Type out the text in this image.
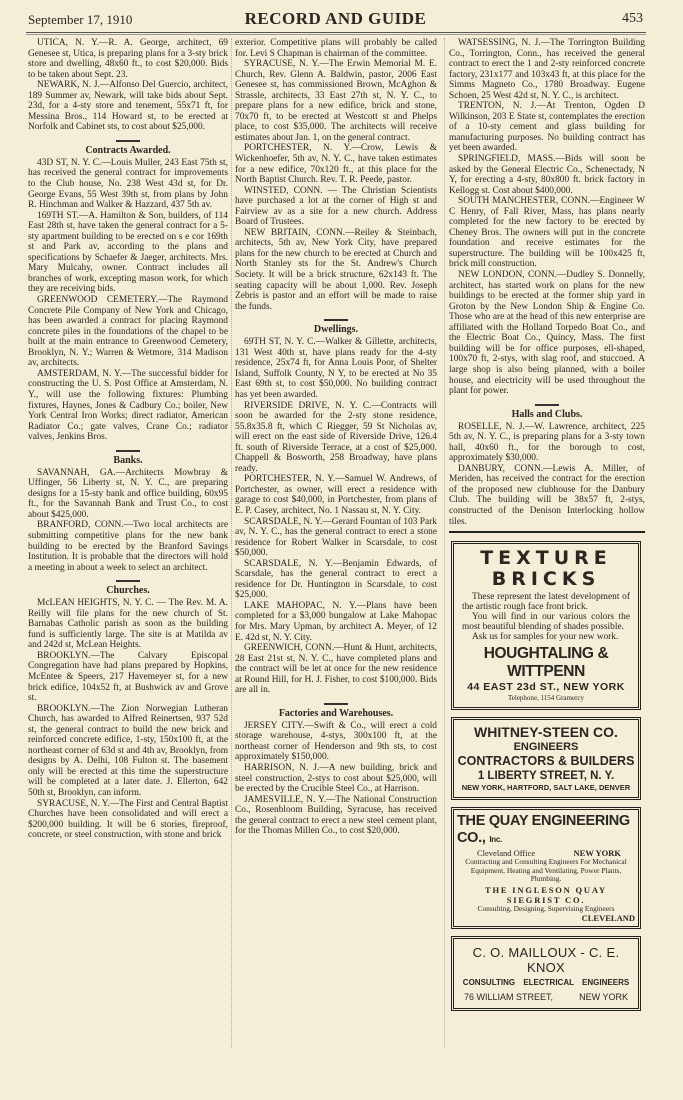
September 17, 1910	RECORD AND GUIDE	453

UTICA, N. Y.—R. A. George, architect, 69 Genesee st, Utica, is preparing plans for a 3-sty brick store and dwelling, 48x60 ft., to cost $20,000. Bids to be taken about Sept. 23.

NEWARK, N. J.—Alfonso Del Guercio, architect, 189 Summer av, Newark, will take bids about Sept. 23d, for a 4-sty store and tenement, 55x71 ft, for Messina Bros., 114 Howard st, to be erected at Norfolk and Cabinet sts, to cost about $25,000.

Contracts Awarded.

43D ST, N. Y. C.—Louis Muller, 243 East 75th st, has received the general contract for improvements to the Club house, No. 238 West 43d st, for Dr. George Evans, 55 West 39th st, from plans by John R. Hinchman and Walker & Hazzard, 437 5th av.

169TH ST.—A. Hamilton & Son, builders, of 114 East 28th st, have taken the general contract for a 5-sty apartment building to be erected on s e cor 169th st and Park av, according to the plans and specifications by Schaefer & Jaeger, architects. Mrs. Mary Mulcahy, owner. Contract includes all branches of work, excepting mason work, for which they are receiving bids.

GREENWOOD CEMETERY.—The Raymond Concrete Pile Company of New York and Chicago, has been awarded a contract for placing Raymond concrete piles in the foundations of the chapel to be built at the main entrance to Greenwood Cemetery, Brooklyn, N. Y.; Warren & Wetmore, 314 Madison av, architects.

AMSTERDAM, N. Y.—The successful bidder for constructing the U. S. Post Office at Amsterdam, N. Y., will use the following fixtures: Plumbing fixtures, Haynes, Jones & Cadbury Co.; boiler, New York Central Iron Works; direct radiator, American Radiator Co.; gate valves, Crane Co.; radiator valves, Jenkins Bros.

Banks.

SAVANNAH, GA.—Architects Mowbray & Uffinger, 56 Liberty st, N. Y. C., are preparing designs for a 15-sty bank and office building, 60x95 ft., for the Savannah Bank and Trust Co., to cost about $425,000.

BRANFORD, CONN.—Two local architects are submitting competitive plans for the new bank building to be erected by the Branford Savings Institution. It is probable that the directors will hold a meeting in about a week to select an architect.

Churches.

McLEAN HEIGHTS, N. Y. C. — The Rev. M. A. Reilly will file plans for the new church of St. Barnabas Catholic parish as soon as the building fund is sufficiently large. The site is at Matilda av and 242d st, McLean Heights.

BROOKLYN.—The Calvary Episcopal Congregation have had plans prepared by Hopkins, McEntee & Speers, 217 Havemeyer st, for a new brick edifice, 104x52 ft, at Bushwick av and Grove st.

BROOKLYN.—The Zion Norwegian Lutheran Church, has awarded to Alfred Reinertsen, 937 52d st, the general contract to build the new brick and reinforced concrete edifice, 1-sty, 150x100 ft, at the northeast corner of 63d st and 4th av, Brooklyn, from designs by A. Delhi, 108 Fulton st. The basement only will be erected at this time the superstructure will be completed at a later date. J. Ellerton, 642 50th st, Brooklyn, can inform.

SYRACUSE, N. Y.—The First and Central Baptist Churches have been consolidated and will erect a $200,000 building. It will be 6 stories, fireproof, concrete, or steel construction, with stone and brick

exterior. Competitive plans will probably be called for. Levi S Chapman is chairman of the committee.

SYRACUSE, N. Y.—The Erwin Memorial M. E. Church, Rev. Glenn A. Baldwin, pastor, 2006 East Genesee st, has commissioned Brown, McAghon & Strassle, architects, 33 East 27th st, N. Y. C., to prepare plans for a new edifice, brick and stone, 70x70 ft, to be erected at Westcott st and Phelps place, to cost $35,000. The architects will receive estimates about Jan. 1, on the general contract.

PORTCHESTER, N. Y.—Crow, Lewis & Wickenhoefer, 5th av, N. Y. C., have taken estimates for a new edifice, 70x120 ft., at this place for the North Baptist Church. Rev. T. R. Peede, pastor.

WINSTED, CONN. — The Christian Scientists have purchased a lot at the corner of High st and Fairview av as a site for a new church. Address Board of Trustees.

NEW BRITAIN, CONN.—Reiley & Steinbach, architects, 5th av, New York City, have prepared plans for the new church to be erected at Church and North Stanley sts for the St. Andrew's Church Society. It will be a brick structure, 62x143 ft. The seating capacity will be about 1,000. Rev. Joseph Zebris is pastor and an effort will be made to raise the funds.

Dwellings.

69TH ST, N. Y. C.—Walker & Gillette, architects, 131 West 40th st, have plans ready for the 4-sty residence, 25x74 ft, for Anna Louis Poor, of Shelter Island, Suffolk County, N Y, to be erected at No 35 East 69th st, to cost $50,000. No building contract has yet been awarded.

RIVERSIDE DRIVE, N. Y. C.—Contracts will soon be awarded for the 2-sty stone residence, 55.8x35.8 ft, which C Riegger, 59 St Nicholas av, will erect on the east side of Riverside Drive, 126.4 ft. south of Riverside Terrace, at a cost of $25,000. Chappell & Bosworth, 258 Broadway, have plans ready.

PORTCHESTER, N. Y.—Samuel W. Andrews, of Portchester, as owner, will erect a residence with garage to cost $40,000, in Portchester, from plans of E. P. Casey, architect, No. 1 Nassau st, N. Y. City.

SCARSDALE, N. Y.—Gerard Fountan of 103 Park av, N. Y. C., has the general contract to erect a stone residence for Robert Walker in Scarsdale, to cost $50,000.

SCARSDALE, N. Y.—Benjamin Edwards, of Scarsdale, has the general contract to erect a residence for Dr. Huntington in Scarsdale, to cost $25,000.

LAKE MAHOPAC, N. Y.—Plans have been completed for a $3,000 bungalow at Lake Mahopac for Mrs. Mary Upman, by architect A. Meyer, of 12 E. 42d st, N. Y. City.

GREENWICH, CONN.—Hunt & Hunt, architects, 28 East 21st st, N. Y. C., have completed plans and the contract will be let at once for the new residence at Round Hill, for H. J. Fisher, to cost $100,000. Bids are all in.

Factories and Warehouses.

JERSEY CITY.—Swift & Co., will erect a cold storage warehouse, 4-stys, 300x100 ft, at the northeast corner of Henderson and 9th sts, to cost approximately $150,000.

HARRISON, N. J.—A new building, brick and steel construction, 2-stys to cost about $25,000, will be erected by the Crucible Steel Co., at Harrison.

JAMESVILLE, N. Y.—The National Construction Co., Rosenbloom Building, Syracuse, has received the general contract to erect a new steel cement plant, for the Thomas Millen Co., to cost $20,000.

WATSESSING, N. J.—The Torrington Building Co., Torrington, Conn., has received the general contract to erect the 1 and 2-sty reinforced concrete factory, 231x177 and 103x43 ft, at this place for the Simms Magneto Co., 1780 Broadway. Eugene Schoen, 25 West 42d st, N. Y. C., is architect.

TRENTON, N. J.—At Trenton, Ogden D Wilkinson, 203 E State st, contemplates the erection of a 10-sty cement and glass building for manufacturing purposes. No building contract has yet been awarded.

SPRINGFIELD, MASS.—Bids will soon be asked by the General Electric Co., Schenectady, N Y, for erecting a 4-sty, 80x800 ft. brick factory in Kellogg st. Cost about $400,000.

SOUTH MANCHESTER, CONN.—Engineer W C Henry, of Fall River, Mass, has plans nearly completed for the new factory to be erected by Cheney Bros. The owners will put in the concrete foundation and receive estimates for the superstructure. The building will be 100x425 ft, brick mill construction.

NEW LONDON, CONN.—Dudley S. Donnelly, architect, has started work on plans for the new buildings to be erected at the former ship yard in Groton by the New London Ship & Engine Co. Those who are at the head of this new enterprise are affiliated with the Holland Torpedo Boat Co., and the Electric Boat Co., Quincy, Mass. The first building will be for office purposes, ell-shaped, 100x70 ft, 2-stys, with slag roof, and stuccoed. A large shop is also being planned, with a boiler house, and electricity will be used throughout the plant for power.

Halls and Clubs.

ROSELLE, N. J.—W. Lawrence, architect, 225 5th av, N. Y. C., is preparing plans for a 3-sty town hall, 40x60 ft., for the borough to cost, approximately $30,000.

DANBURY, CONN.—Lewis A. Miller, of Meriden, has received the contract for the erection of the proposed new clubhouse for the Danbury Club. The building will be 38x57 ft, 2-stys, constructed of the Denison Interlocking hollow tiles.

TEXTURE
BRICKS

These represent the latest development of the artistic rough face front brick.

You will find in our various colors the most beautiful blending of shades possible.

Ask us for samples for your new work.

HOUGHTALING & WITTPENN
44 EAST 23d ST., NEW YORK
Telephone, 1154 Gramercy
WHITNEY-STEEN CO.
ENGINEERS
CONTRACTORS & BUILDERS
1 LIBERTY STREET, N. Y.
NEW YORK, HARTFORD, SALT LAKE, DENVER
THE QUAY ENGINEERING CO., Inc.
Cleveland Office	NEW YORK
Contracting and Consulting Engineers For Mechanical Equipment, Heating and Ventilating, Power Plants, Plumbing.
THE INGLESON QUAY SIEGRIST CO.
Consulting, Designing, Supervising Engineers
CLEVELAND
C. O. MAILLOUX - C. E. KNOX
CONSULTING ELECTRICAL ENGINEERS
76 WILLIAM STREET,	NEW YORK
